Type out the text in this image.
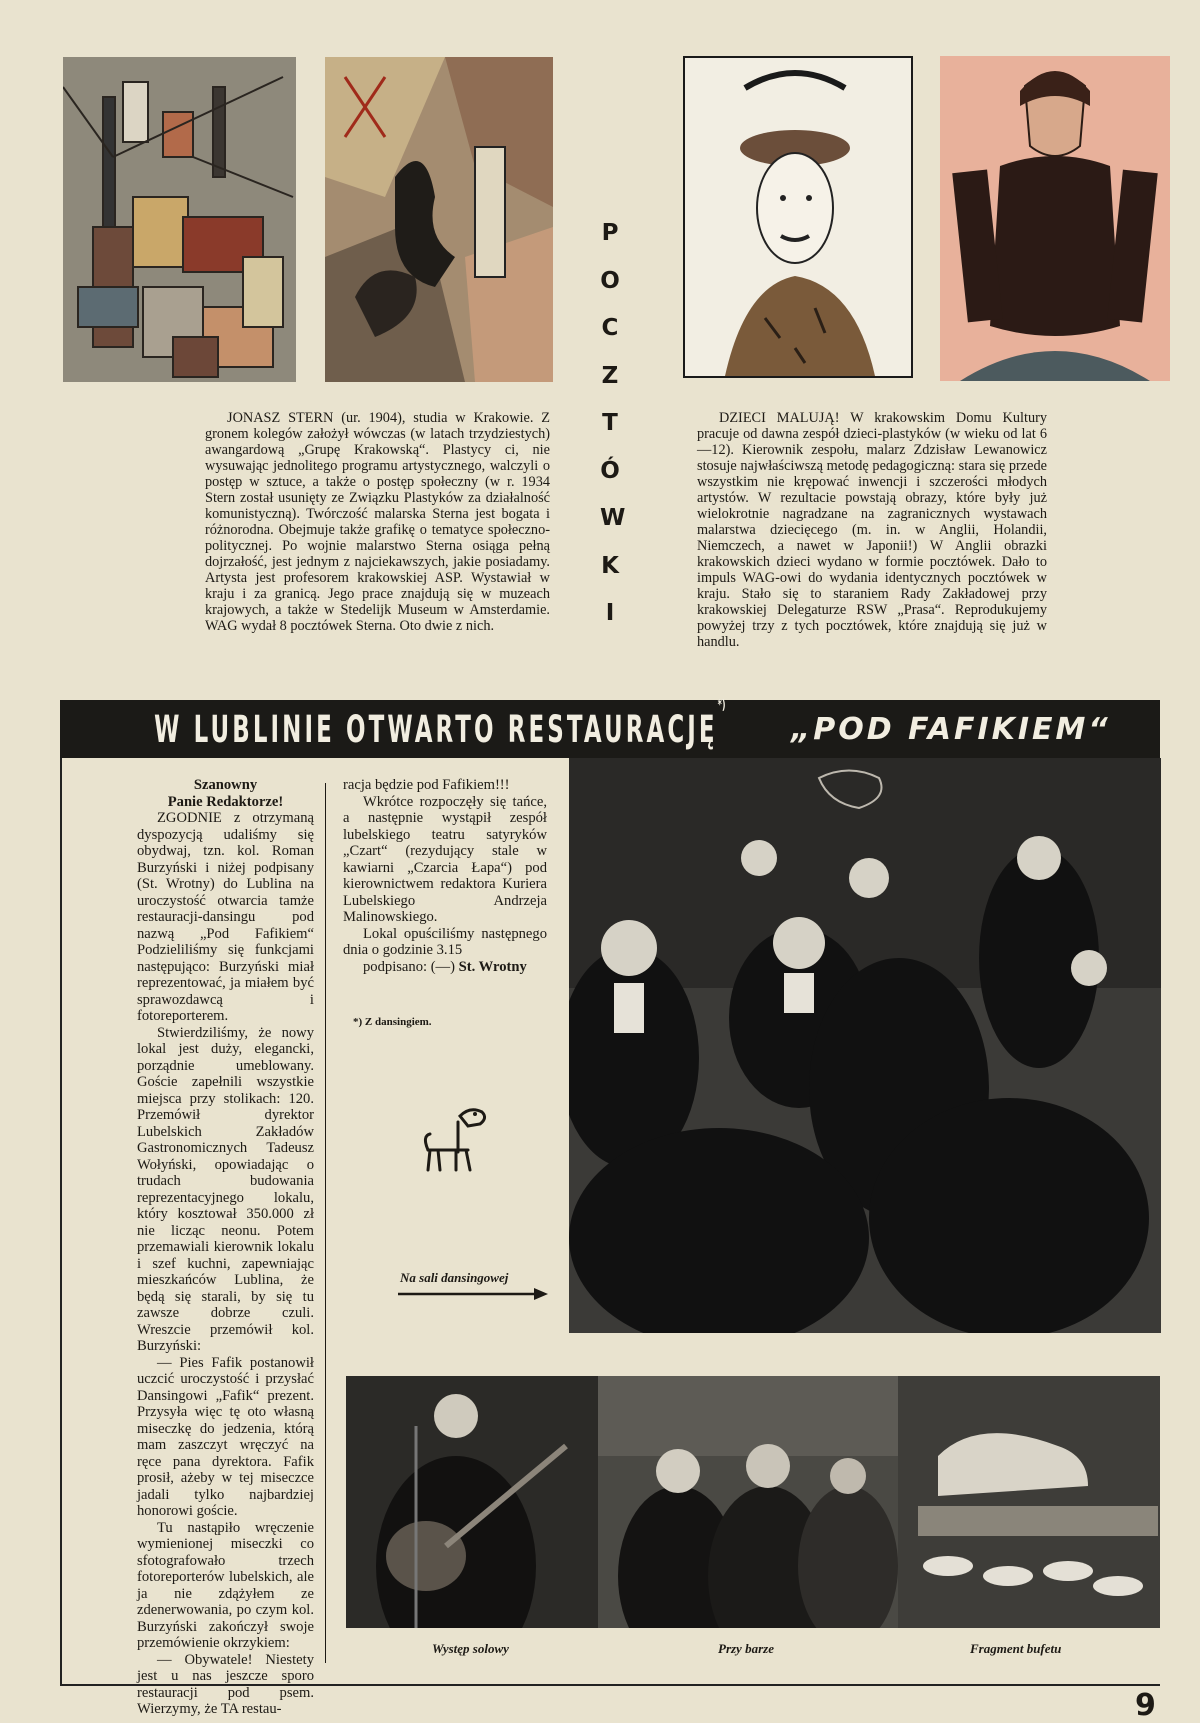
P
O
C
Z
T
Ó
W
K
I

JONASZ STERN (ur. 1904), studia w Krakowie. Z gronem kolegów założył wówczas (w latach trzydziestych) awangardową „Grupę Krakowską“. Plastycy ci, nie wysuwając jednolitego programu artystycznego, walczyli o postęp w sztuce, a także o postęp społeczny (w r. 1934 Stern został usunięty ze Związku Plastyków za działalność komunistyczną). Twórczość malarska Sterna jest bogata i różnorodna. Obejmuje także grafikę o tematyce społeczno-politycznej. Po wojnie malarstwo Sterna osiąga pełną dojrzałość, jest jednym z najciekawszych, jakie posiadamy. Artysta jest profesorem krakowskiej ASP. Wystawiał w kraju i za granicą. Jego prace znajdują się w muzeach krajowych, a także w Stedelijk Museum w Amsterdamie. WAG wydał 8 pocztówek Sterna. Oto dwie z nich.

DZIECI MALUJĄ! W krakowskim Domu Kultury pracuje od dawna zespół dzieci-plastyków (w wieku od lat 6—12). Kierownik zespołu, malarz Zdzisław Lewanowicz stosuje najwłaściwszą metodę pedagogiczną: stara się przede wszystkim nie krępować inwencji i szczerości młodych artystów. W rezultacie powstają obrazy, które były już wielokrotnie nagradzane na zagranicznych wystawach malarstwa dziecięcego (m. in. w Anglii, Holandii, Niemczech, a nawet w Japonii!) W Anglii obrazki krakowskich dzieci wydano w formie pocztówek. Dało to impuls WAG-owi do wydania identycznych pocztówek w kraju. Stało się to staraniem Rady Zakładowej przy krakowskiej Delegaturze RSW „Prasa“. Reprodukujemy powyżej trzy z tych pocztówek, które znajdują się już w handlu.

W LUBLINIE OTWARTO RESTAURACJĘ*)
„POD FAFIKIEM“

Szanowny

Panie Redaktorze!

ZGODNIE z otrzymaną dyspozycją udaliśmy się obydwaj, tzn. kol. Roman Burzyński i niżej podpisany (St. Wrotny) do Lublina na uroczystość otwarcia tamże restauracji-dansingu pod nazwą „Pod Fafikiem“ Podzieliliśmy się funkcjami następująco: Burzyński miał reprezentować, ja miałem być sprawozdawcą i fotoreporterem.

Stwierdziliśmy, że nowy lokal jest duży, elegancki, porządnie umeblowany. Goście zapełnili wszystkie miejsca przy stolikach: 120. Przemówił dyrektor Lubelskich Zakładów Gastronomicznych Tadeusz Wołyński, opowiadając o trudach budowania reprezentacyjnego lokalu, który kosztował 350.000 zł nie licząc neonu. Potem przemawiali kierownik lokalu i szef kuchni, zapewniając mieszkańców Lublina, że będą się starali, by się tu zawsze dobrze czuli. Wreszcie przemówił kol. Burzyński:

— Pies Fafik postanowił uczcić uroczystość i przysłać Dansingowi „Fafik“ prezent. Przysyła więc tę oto własną miseczkę do jedzenia, którą mam zaszczyt wręczyć na ręce pana dyrektora. Fafik prosił, ażeby w tej miseczce jadali tylko najbardziej honorowi goście.

Tu nastąpiło wręczenie wymienionej miseczki co sfotografowało trzech fotoreporterów lubelskich, ale ja nie zdążyłem ze zdenerwowania, po czym kol. Burzyński zakończył swoje przemówienie okrzykiem:

— Obywatele! Niestety jest u nas jeszcze sporo restauracji pod psem. Wierzymy, że TA restau-

racja będzie pod Fafikiem!!!

Wkrótce rozpoczęły się tańce, a następnie wystąpił zespół lubelskiego teatru satyryków „Czart“ (rezydujący stale w kawiarni „Czarcia Łapa“) pod kierownictwem redaktora Kuriera Lubelskiego Andrzeja Malinowskiego.

Lokal opuściliśmy następnego dnia o godzinie 3.15

podpisano: (—) St. Wrotny

*) Z dansingiem.
Na sali dansingowej
Występ solowy	Przy barze	Fragment bufetu
9
